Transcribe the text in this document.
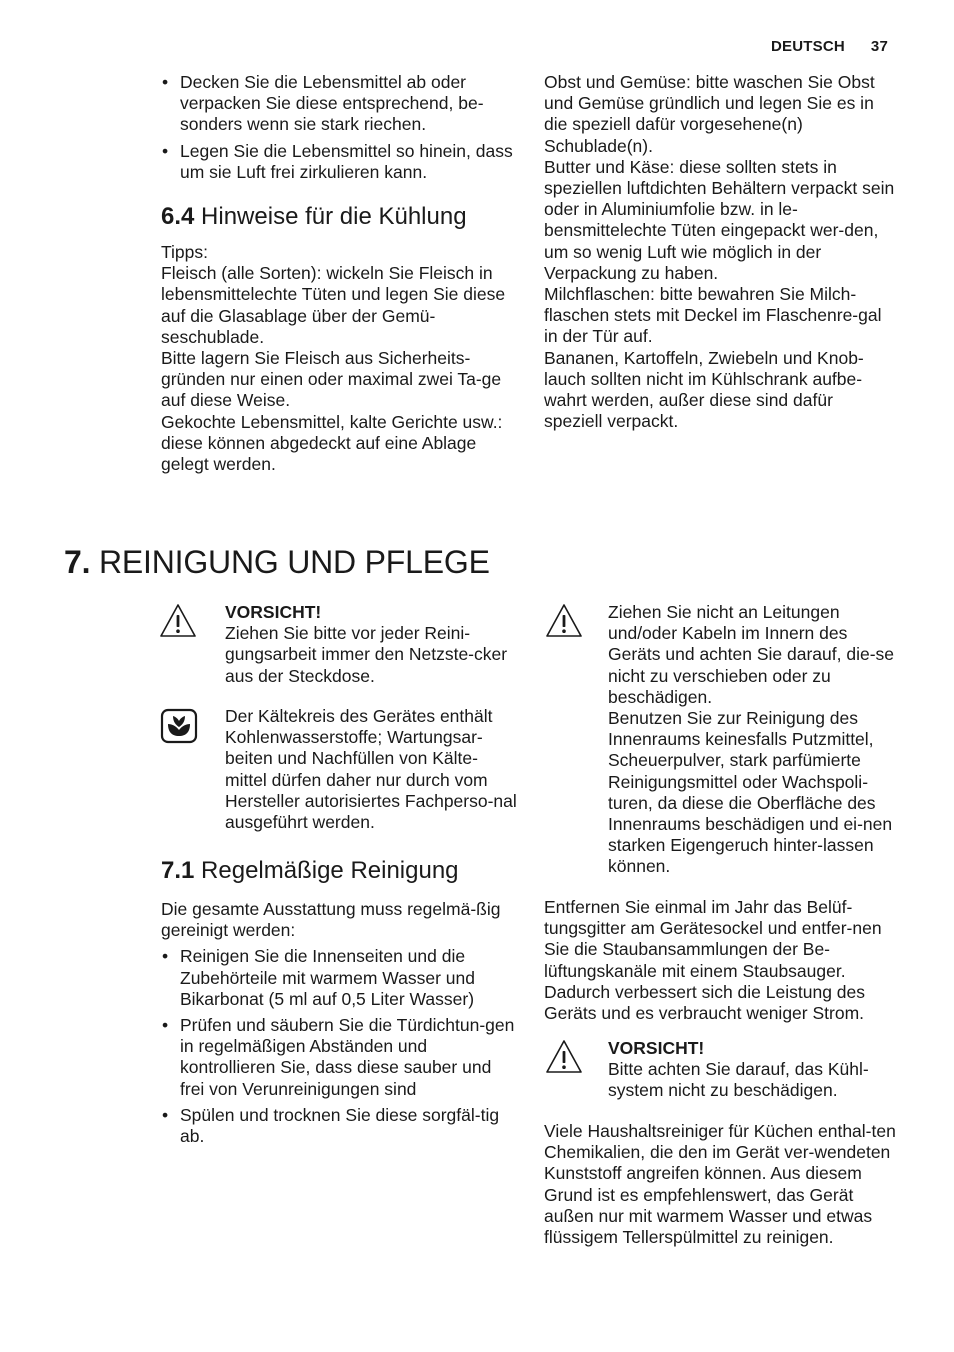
DEUTSCH 37
• Decken Sie die Lebensmittel ab oder verpacken Sie diese entsprechend, be-sonders wenn sie stark riechen.
• Legen Sie die Lebensmittel so hinein, dass um sie Luft frei zirkulieren kann.
6.4 Hinweise für die Kühlung

Tipps:

Fleisch (alle Sorten): wickeln Sie Fleisch in lebensmittelechte Tüten und legen Sie diese auf die Glasablage über der Gemü-seschublade.

Bitte lagern Sie Fleisch aus Sicherheits-gründen nur einen oder maximal zwei Ta-ge auf diese Weise.

Gekochte Lebensmittel, kalte Gerichte usw.: diese können abgedeckt auf eine Ablage gelegt werden.

Obst und Gemüse: bitte waschen Sie Obst und Gemüse gründlich und legen Sie es in die speziell dafür vorgesehene(n) Schublade(n).

Butter und Käse: diese sollten stets in speziellen luftdichten Behältern verpackt sein oder in Aluminiumfolie bzw. in le-bensmittelechte Tüten eingepackt wer-den, um so wenig Luft wie möglich in der Verpackung zu haben.

Milchflaschen: bitte bewahren Sie Milch-flaschen stets mit Deckel im Flaschenre-gal in der Tür auf.

Bananen, Kartoffeln, Zwiebeln und Knob-lauch sollten nicht im Kühlschrank aufbe-wahrt werden, außer diese sind dafür speziell verpackt.

7. REINIGUNG UND PFLEGE

VORSICHT!

Ziehen Sie bitte vor jeder Reini-gungsarbeit immer den Netzste-cker aus der Steckdose.

Der Kältekreis des Gerätes enthält Kohlenwasserstoffe; Wartungsar-beiten und Nachfüllen von Kälte-mittel dürfen daher nur durch vom Hersteller autorisiertes Fachperso-nal ausgeführt werden.

7.1 Regelmäßige Reinigung

Die gesamte Ausstattung muss regelmä-ßig gereinigt werden:

• Reinigen Sie die Innenseiten und die Zubehörteile mit warmem Wasser und Bikarbonat (5 ml auf 0,5 Liter Wasser)
• Prüfen und säubern Sie die Türdichtun-gen in regelmäßigen Abständen und kontrollieren Sie, dass diese sauber und frei von Verunreinigungen sind
• Spülen und trocknen Sie diese sorgfäl-tig ab.

Ziehen Sie nicht an Leitungen und/oder Kabeln im Innern des Geräts und achten Sie darauf, die-se nicht zu verschieben oder zu beschädigen.

Benutzen Sie zur Reinigung des Innenraums keinesfalls Putzmittel, Scheuerpulver, stark parfümierte Reinigungsmittel oder Wachspoli-turen, da diese die Oberfläche des Innenraums beschädigen und ei-nen starken Eigengeruch hinter-lassen können.

Entfernen Sie einmal im Jahr das Belüf-tungsgitter am Gerätesockel und entfer-nen Sie die Staubansammlungen der Be-lüftungskanäle mit einem Staubsauger. Dadurch verbessert sich die Leistung des Geräts und es verbraucht weniger Strom.

VORSICHT!

Bitte achten Sie darauf, das Kühl-system nicht zu beschädigen.

Viele Haushaltsreiniger für Küchen enthal-ten Chemikalien, die den im Gerät ver-wendeten Kunststoff angreifen können. Aus diesem Grund ist es empfehlenswert, das Gerät außen nur mit warmem Wasser und etwas flüssigem Tellerspülmittel zu reinigen.
